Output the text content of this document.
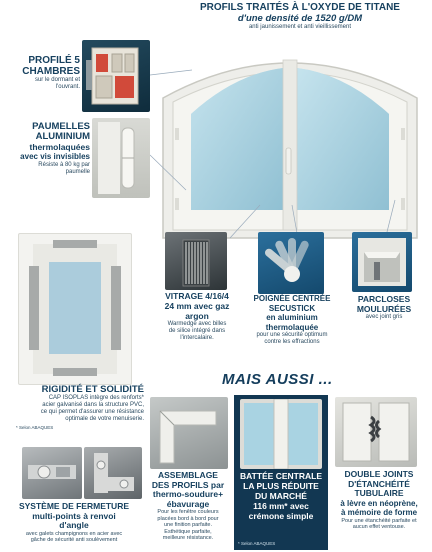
PROFILS TRAITÉS À L'OXYDE DE TITANE
d'une densité de 1520 g/DM
anti jaunissement et anti vieillissement
PROFILÉ 5
CHAMBRES
sur le dormant et
l'ouvrant.
PAUMELLES
ALUMINIUM
thermolaquées
avec vis invisibles
Résiste à 80 kg par
paumelle
RIGIDITÉ ET SOLIDITÉ
CAP ISOPLAS intègre des renforts*
acier galvanisé dans la structure PVC,
ce qui permet d'assurer une résistance
optimale de votre menuiserie.
* Selon ABAQUES
VITRAGE 4/16/4
24 mm avec gaz
argon
Warmedge avec billes
de silice intégré dans
l'intercalaire.
POIGNÉE CENTRÉE
SECUSTICK
en aluminium
thermolaquée
pour une sécurité optimum
contre les effractions
PARCLOSES
MOULURÉES
avec joint gris
MAIS AUSSI ...
ASSEMBLAGE
DES PROFILS par
thermo-soudure+
ébavurage
Pour les fenêtre couleurs
placées bord à bord pour
une finition parfaite.
Esthétique parfaite,
meilleure résistance.
BATTÉE CENTRALE
LA PLUS RÉDUITE
DU MARCHÉ
116 mm* avec
crémone simple
* Selon ABAQUES
DOUBLE JOINTS
D'ÉTANCHÉITÉ
TUBULAIRE
à lèvre en néoprène,
à mémoire de forme
Pour une étanchéité parfaite et
aucun effet ventouse.
SYSTÈME DE FERMETURE
multi-points à renvoi
d'angle
avec galets champignons en acier avec
gâche de sécurité anti soulèvement
